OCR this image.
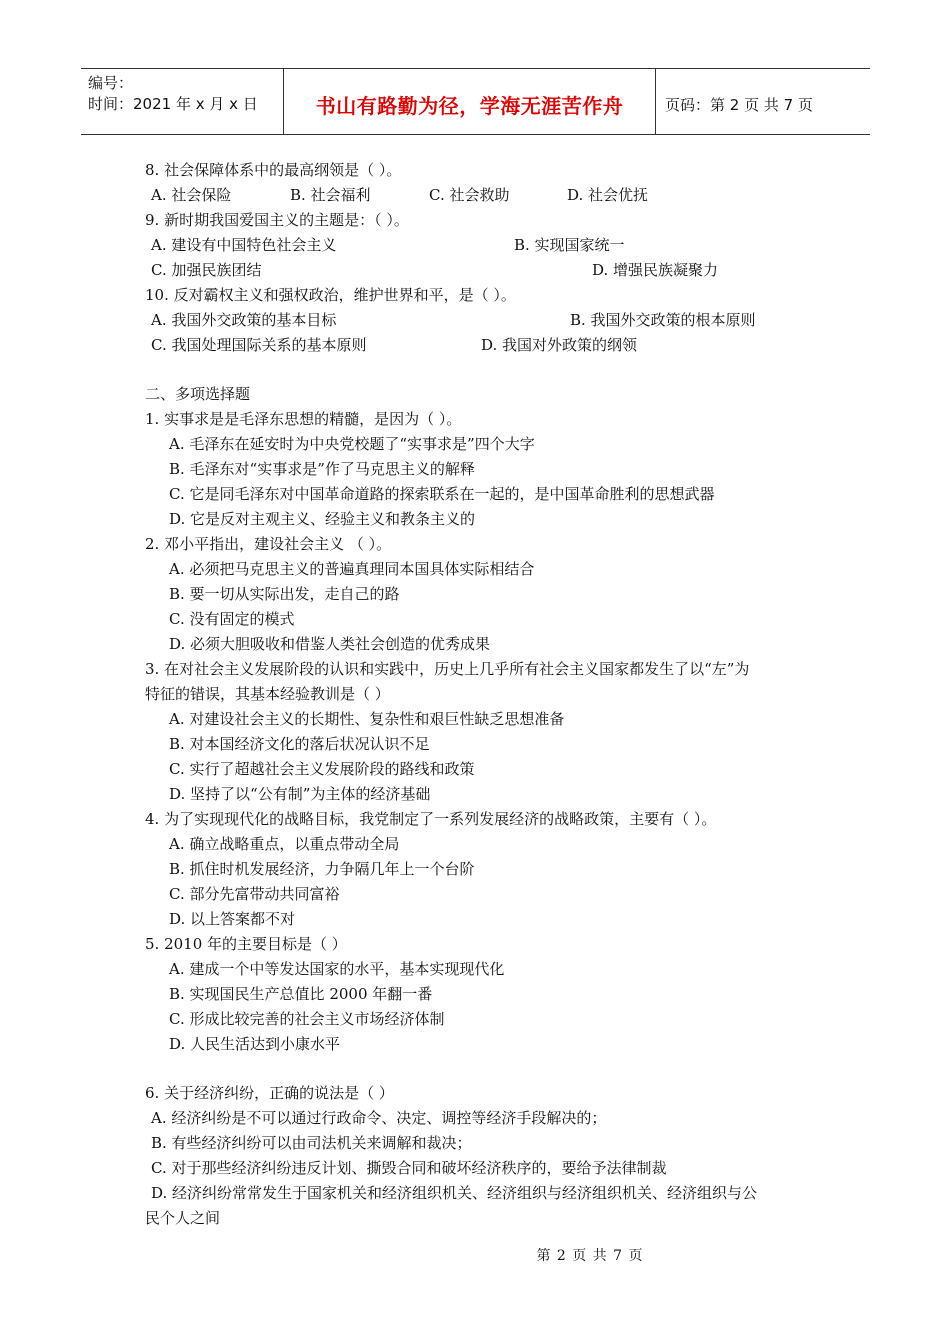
编号：
时间：2021 年 x 月 x 日	书山有路勤为径，学海无涯苦作舟	页码：第 2 页 共 7 页
8. 社会保障体系中的最高纲领是（ ）。
A. 社会保险	B. 社会福利	C. 社会救助	D. 社会优抚
9. 新时期我国爱国主义的主题是：（ ）。
A. 建设有中国特色社会主义	B. 实现国家统一
C. 加强民族团结	D. 增强民族凝聚力
10. 反对霸权主义和强权政治，维护世界和平，是（ ）。
A. 我国外交政策的基本目标	B. 我国外交政策的根本原则
C. 我国处理国际关系的基本原则	D. 我国对外政策的纲领
二、多项选择题
1. 实事求是是毛泽东思想的精髓，是因为（ ）。
A. 毛泽东在延安时为中央党校题了“实事求是”四个大字
B. 毛泽东对“实事求是”作了马克思主义的解释
C. 它是同毛泽东对中国革命道路的探索联系在一起的，是中国革命胜利的思想武器
D. 它是反对主观主义、经验主义和教条主义的
2. 邓小平指出，建设社会主义 （ ）。
A. 必须把马克思主义的普遍真理同本国具体实际相结合
B. 要一切从实际出发，走自己的路
C. 没有固定的模式
D. 必须大胆吸收和借鉴人类社会创造的优秀成果
3. 在对社会主义发展阶段的认识和实践中，历史上几乎所有社会主义国家都发生了以“左”为
特征的错误，其基本经验教训是（ ）
A. 对建设社会主义的长期性、复杂性和艰巨性缺乏思想准备
B. 对本国经济文化的落后状况认识不足
C. 实行了超越社会主义发展阶段的路线和政策
D. 坚持了以“公有制”为主体的经济基础
4. 为了实现现代化的战略目标，我党制定了一系列发展经济的战略政策，主要有（ ）。
A. 确立战略重点，以重点带动全局
B. 抓住时机发展经济，力争隔几年上一个台阶
C. 部分先富带动共同富裕
D. 以上答案都不对
5. 2010 年的主要目标是（ ）
A. 建成一个中等发达国家的水平，基本实现现代化
B. 实现国民生产总值比 2000 年翻一番
C. 形成比较完善的社会主义市场经济体制
D. 人民生活达到小康水平
6. 关于经济纠纷，正确的说法是（ ）
A. 经济纠纷是不可以通过行政命令、决定、调控等经济手段解决的；
B. 有些经济纠纷可以由司法机关来调解和裁决；
C. 对于那些经济纠纷违反计划、撕毁合同和破坏经济秩序的，要给予法律制裁
D. 经济纠纷常常发生于国家机关和经济组织机关、经济组织与经济组织机关、经济组织与公
民个人之间
第 2 页 共 7 页
